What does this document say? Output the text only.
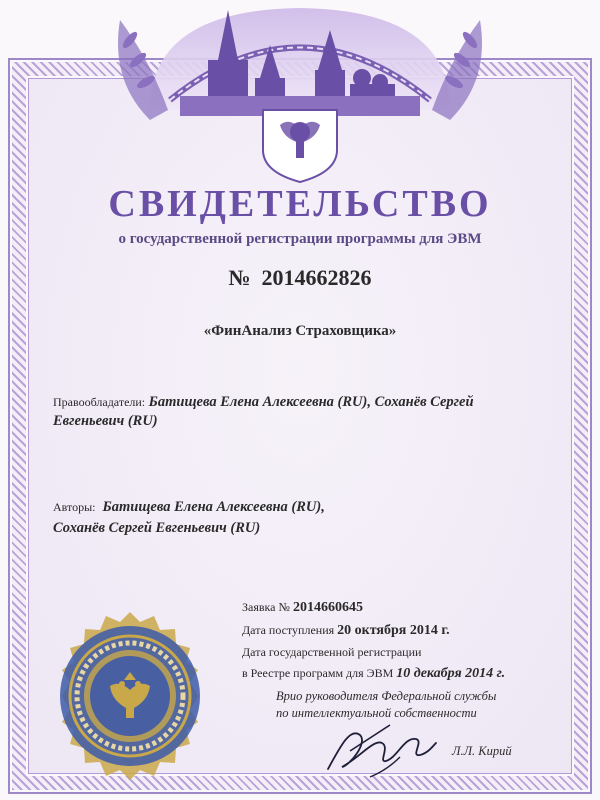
СВИДЕТЕЛЬСТВО
о государственной регистрации программы для ЭВМ
№ 2014662826
«ФинАнализ Страховщика»
Правообладатели: Батищева Елена Алексеевна (RU), Соханёв Сергей
Евгеньевич (RU)
Авторы: Батищева Елена Алексеевна (RU),
Соханёв Сергей Евгеньевич (RU)
Заявка № 2014660645
Дата поступления 20 октября 2014 г.
Дата государственной регистрации
в Реестре программ для ЭВМ 10 декабря 2014 г.
Врио руководителя Федеральной службы
по интеллектуальной собственности
Л.Л. Кирий
